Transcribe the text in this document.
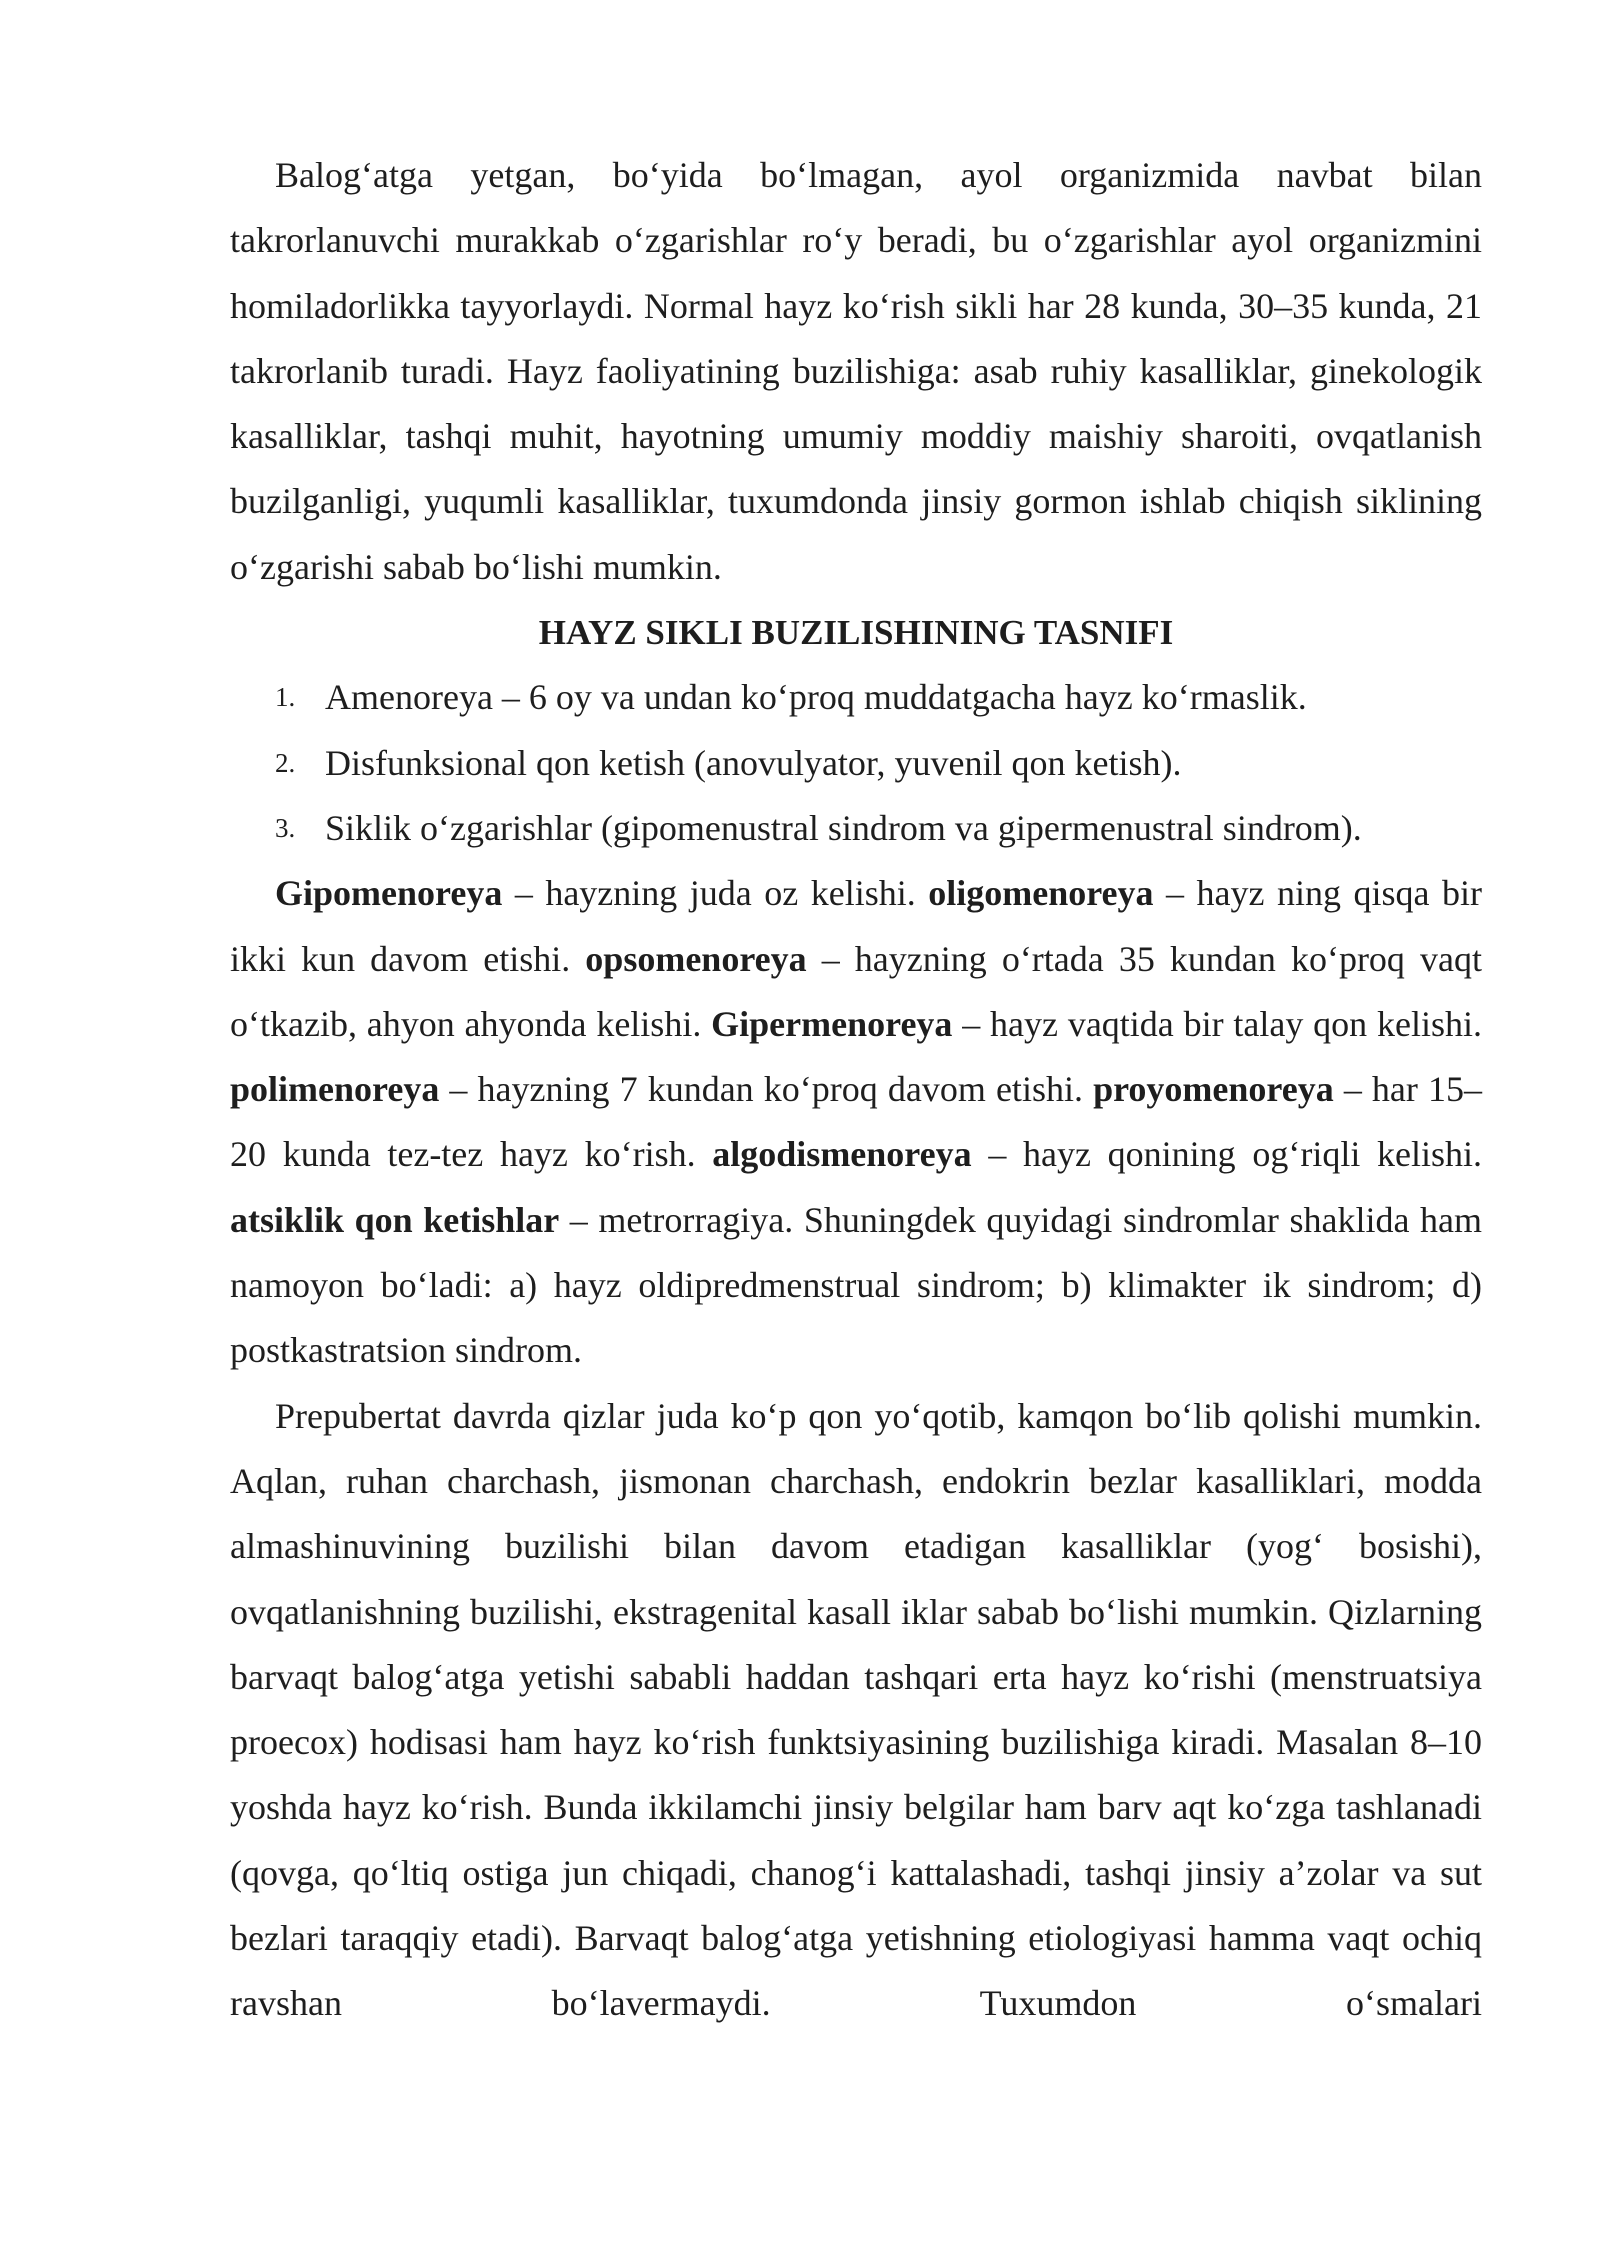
Balog‘atga yetgan, bo‘yida bo‘lmagan, ayol organizmida navbat bilan takrorlanuvchi murakkab o‘zgarishlar ro‘y beradi, bu o‘zgarishlar ayol organizmini homiladorlikka tayyorlaydi. Normal hayz ko‘rish sikli har 28 kunda, 30–35 kunda, 21 takrorlanib turadi. Hayz faoliyatining buzilishiga: asab ruhiy kasalliklar, ginekologik kasalliklar, tashqi muhit, hayotning umumiy moddiy maishiy sharoiti, ovqatlanish buzilganligi, yuqumli kasalliklar, tuxumdonda jinsiy gormon ishlab chiqish siklining o‘zgarishi sabab bo‘lishi mumkin.

HAYZ SIKLI BUZILISHINING TASNIFI

1. Amenoreya – 6 oy va undan ko‘proq muddatgacha hayz ko‘rmaslik.
2. Disfunksional qon ketish (anovulyator, yuvenil qon ketish).
3. Siklik o‘zgarishlar (gipomenustral sindrom va gipermenustral sindrom).

Gipomenoreya – hayzning juda oz kelishi. oligomenoreya – hayz ning qisqa bir ikki kun davom etishi. opsomenoreya – hayzning o‘rtada 35 kundan ko‘proq vaqt o‘tkazib, ahyon ahyonda kelishi. Gipermenoreya – hayz vaqtida bir talay qon kelishi. polimenoreya – hayzning 7 kundan ko‘proq davom etishi. proyomenoreya – har 15– 20 kunda tez-tez hayz ko‘rish. algodismenoreya – hayz qonining og‘riqli kelishi. atsiklik qon ketishlar – metrorragiya. Shuningdek quyidagi sindromlar shaklida ham namoyon bo‘ladi: a) hayz oldipredmenstrual sindrom; b) klimakter ik sindrom; d) postkastratsion sindrom.

Prepubertat davrda qizlar juda ko‘p qon yo‘qotib, kamqon bo‘lib qolishi mumkin. Aqlan, ruhan charchash, jismonan charchash, endokrin bezlar kasalliklari, modda almashinuvining buzilishi bilan davom etadigan kasalliklar (yog‘ bosishi), ovqatlanishning buzilishi, ekstragenital kasall iklar sabab bo‘lishi mumkin. Qizlarning barvaqt balog‘atga yetishi sababli haddan tashqari erta hayz ko‘rishi (menstruatsiya proecox) hodisasi ham hayz ko‘rish funktsiyasining buzilishiga kiradi. Masalan 8–10 yoshda hayz ko‘rish. Bunda ikkilamchi jinsiy belgilar ham barv aqt ko‘zga tashlanadi (qovga, qo‘ltiq ostiga jun chiqadi, chanog‘i kattalashadi, tashqi jinsiy a’zolar va sut bezlari taraqqiy etadi). Barvaqt balog‘atga yetishning etiologiyasi hamma vaqt ochiq ravshan bo‘lavermaydi. Tuxumdon o‘smalari
